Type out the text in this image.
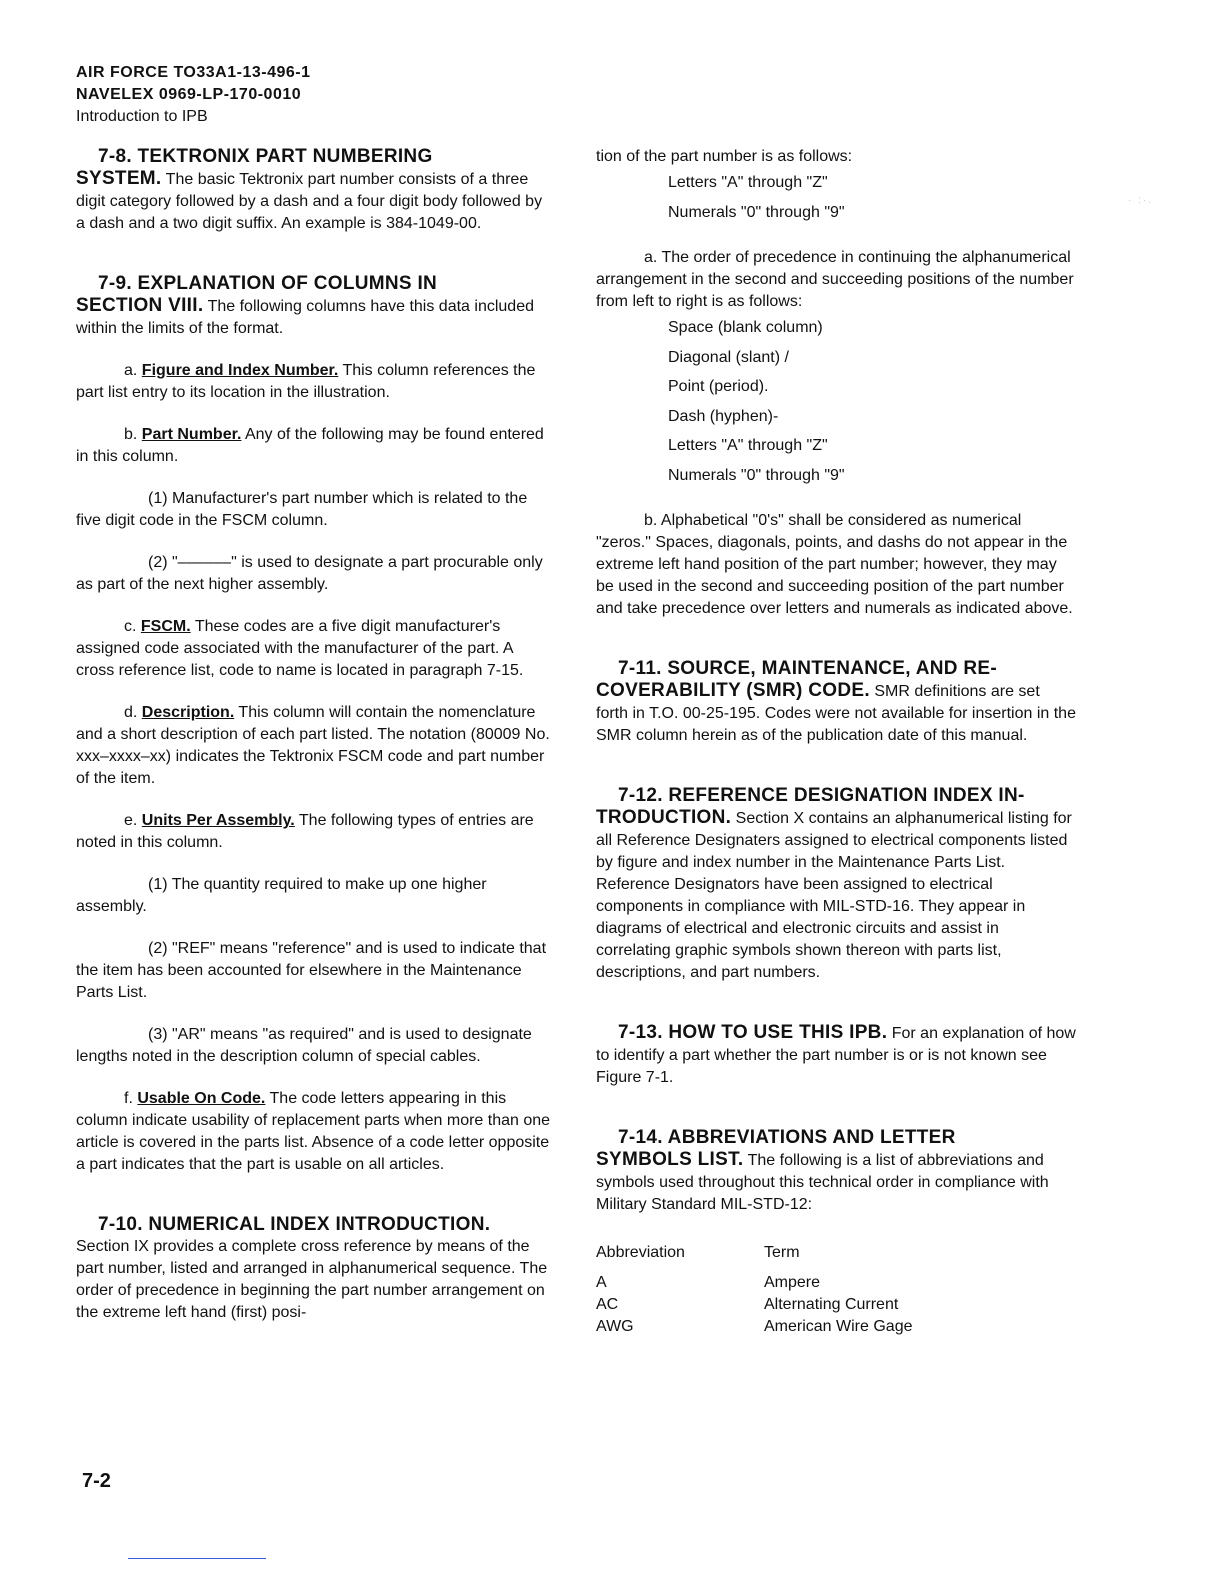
· :·.
AIR FORCE TO33A1-13-496-1
NAVELEX 0969-LP-170-0010
Introduction to IPB
7-8. TEKTRONIX PART NUMBERING

SYSTEM. The basic Tektronix part number consists of a three digit category followed by a dash and a four digit body followed by a dash and a two digit suffix. An example is 384-1049-00.

7-9. EXPLANATION OF COLUMNS IN

SECTION VIII. The following columns have this data included within the limits of the format.

a. Figure and Index Number. This column references the part list entry to its location in the illustration.

b. Part Number. Any of the following may be found entered in this column.

(1) Manufacturer's part number which is related to the five digit code in the FSCM column.

(2) "––––––" is used to designate a part procurable only as part of the next higher assembly.

c. FSCM. These codes are a five digit manufacturer's assigned code associated with the manufacturer of the part. A cross reference list, code to name is located in paragraph 7-15.

d. Description. This column will contain the nomenclature and a short description of each part listed. The notation (80009 No. xxx–xxxx–xx) indicates the Tektronix FSCM code and part number of the item.

e. Units Per Assembly. The following types of entries are noted in this column.

(1) The quantity required to make up one higher assembly.

(2) "REF" means "reference" and is used to indicate that the item has been accounted for elsewhere in the Maintenance Parts List.

(3) "AR" means "as required" and is used to designate lengths noted in the description column of special cables.

f. Usable On Code. The code letters appearing in this column indicate usability of replacement parts when more than one article is covered in the parts list. Absence of a code letter opposite a part indicates that the part is usable on all articles.

7-10. NUMERICAL INDEX INTRODUCTION.

Section IX provides a complete cross reference by means of the part number, listed and arranged in alphanumerical sequence. The order of precedence in beginning the part number arrangement on the extreme left hand (first) posi-

tion of the part number is as follows:

Letters "A" through "Z"
Numerals "0" through "9"

a. The order of precedence in continuing the alphanumerical arrangement in the second and succeeding positions of the number from left to right is as follows:

Space (blank column)
Diagonal (slant) /
Point (period).
Dash (hyphen)-
Letters "A" through "Z"
Numerals "0" through "9"

b. Alphabetical "0's" shall be considered as numerical "zeros." Spaces, diagonals, points, and dashs do not appear in the extreme left hand position of the part number; however, they may be used in the second and succeeding position of the part number and take precedence over letters and numerals as indicated above.

7-11. SOURCE, MAINTENANCE, AND RE-

COVERABILITY (SMR) CODE. SMR definitions are set forth in T.O. 00-25-195. Codes were not available for insertion in the SMR column herein as of the publication date of this manual.

7-12. REFERENCE DESIGNATION INDEX IN-

TRODUCTION. Section X contains an alphanumerical listing for all Reference Designaters assigned to electrical components listed by figure and index number in the Maintenance Parts List. Reference Designators have been assigned to electrical components in compliance with MIL-STD-16. They appear in diagrams of electrical and electronic circuits and assist in correlating graphic symbols shown thereon with parts list, descriptions, and part numbers.

7-13. HOW TO USE THIS IPB. For an explanation of how to identify a part whether the part number is or is not known see Figure 7-1.

7-14. ABBREVIATIONS AND LETTER

SYMBOLS LIST. The following is a list of abbreviations and symbols used throughout this technical order in compliance with Military Standard MIL-STD-12:

Abbreviation	Term
A	Ampere
AC	Alternating Current
AWG	American Wire Gage
7-2
